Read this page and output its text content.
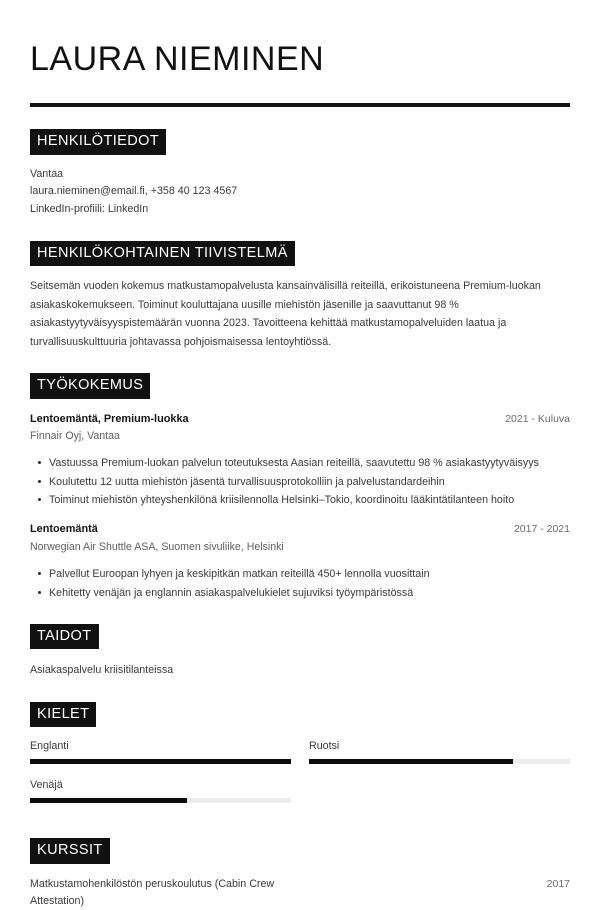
LAURA NIEMINEN
HENKILÖTIEDOT
Vantaa
laura.nieminen@email.fi, +358 40 123 4567
LinkedIn-profiili: LinkedIn
HENKILÖKOHTAINEN TIIVISTELMÄ

Seitsemän vuoden kokemus matkustamopalvelusta kansainvälisillä reiteillä, erikoistuneena Premium-luokan asiakaskokemukseen. Toiminut kouluttajana uusille miehistön jäsenille ja saavuttanut 98 % asiakastyytyväisyyspistemäärän vuonna 2023. Tavoitteena kehittää matkustamopalveluiden laatua ja turvallisuuskulttuuria johtavassa pohjoismaisessa lentoyhtiössä.

TYÖKOKEMUS
Lentoemäntä, Premium-luokka	2021 - Kuluva
Finnair Oyj, Vantaa
Vastuussa Premium-luokan palvelun toteutuksesta Aasian reiteillä, saavutettu 98 % asiakastyytyväisyys
Koulutettu 12 uutta miehistön jäsentä turvallisuusprotokolliin ja palvelustandardeihin
Toiminut miehistön yhteyshenkilönä kriisilennolla Helsinki–Tokio, koordinoitu lääkintätilanteen hoito
Lentoemäntä	2017 - 2021
Norwegian Air Shuttle ASA, Suomen sivuliike, Helsinki
Palvellut Euroopan lyhyen ja keskipitkän matkan reiteillä 450+ lennolla vuosittain
Kehitetty venäjän ja englannin asiakaspalvelukielet sujuviksi työympäristössä
TAIDOT
Asiakaspalvelu kriisitilanteissa
KIELET
Englanti	Ruotsi
Venäjä
KURSSIT
Matkustamohenkilöstön peruskoulutus (Cabin Crew Attestation)
2017
